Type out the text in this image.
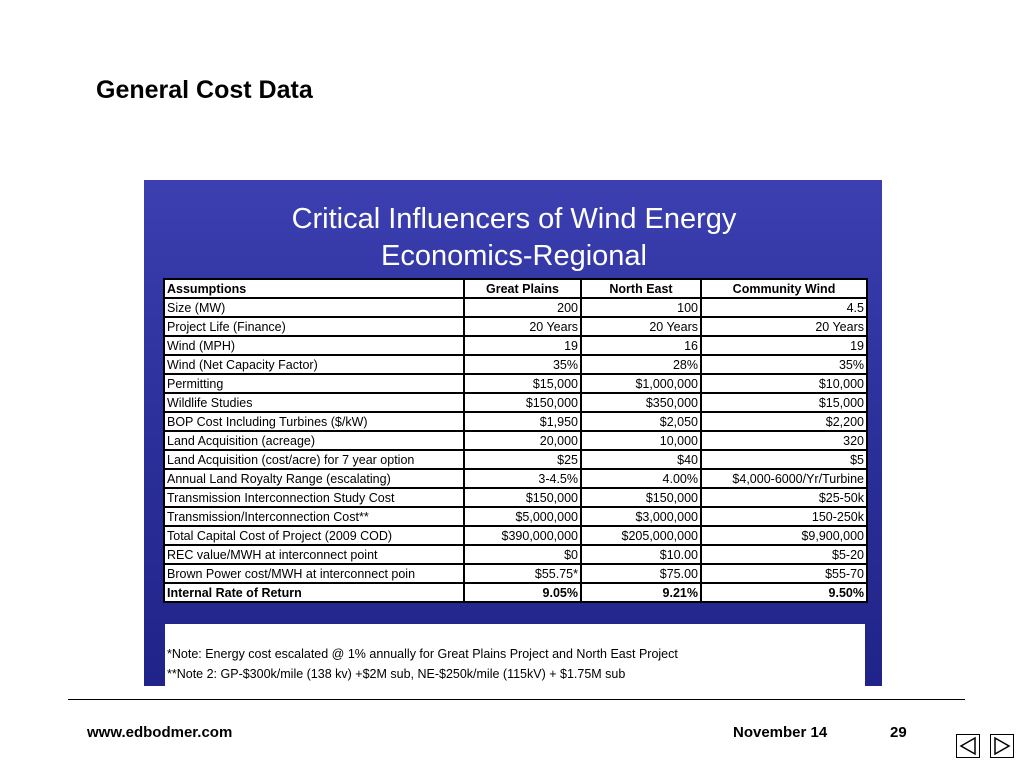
General Cost Data
Critical Influencers of Wind Energy
Economics-Regional
Assumptions	Great Plains	North East	Community Wind
Size (MW)	200	100	4.5
Project Life (Finance)	20 Years	20 Years	20 Years
Wind (MPH)	19	16	19
Wind (Net Capacity Factor)	35%	28%	35%
Permitting	$15,000	$1,000,000	$10,000
Wildlife Studies	$150,000	$350,000	$15,000
BOP Cost Including Turbines ($/kW)	$1,950	$2,050	$2,200
Land Acquisition (acreage)	20,000	10,000	320
Land Acquisition (cost/acre) for 7 year option	$25	$40	$5
Annual Land Royalty Range (escalating)	3-4.5%	4.00%	$4,000-6000/Yr/Turbine
Transmission Interconnection Study Cost	$150,000	$150,000	$25-50k
Transmission/Interconnection Cost**	$5,000,000	$3,000,000	150-250k
Total Capital Cost of Project (2009 COD)	$390,000,000	$205,000,000	$9,900,000
REC value/MWH at interconnect point	$0	$10.00	$5-20
Brown Power cost/MWH at interconnect poin	$55.75*	$75.00	$55-70
Internal Rate of Return	9.05%	9.21%	9.50%
*Note: Energy cost escalated @ 1% annually for Great Plains Project and North East Project
**Note 2: GP-$300k/mile (138 kv) +$2M sub, NE-$250k/mile (115kV) + $1.75M sub
www.edbodmer.com	November 14	29
